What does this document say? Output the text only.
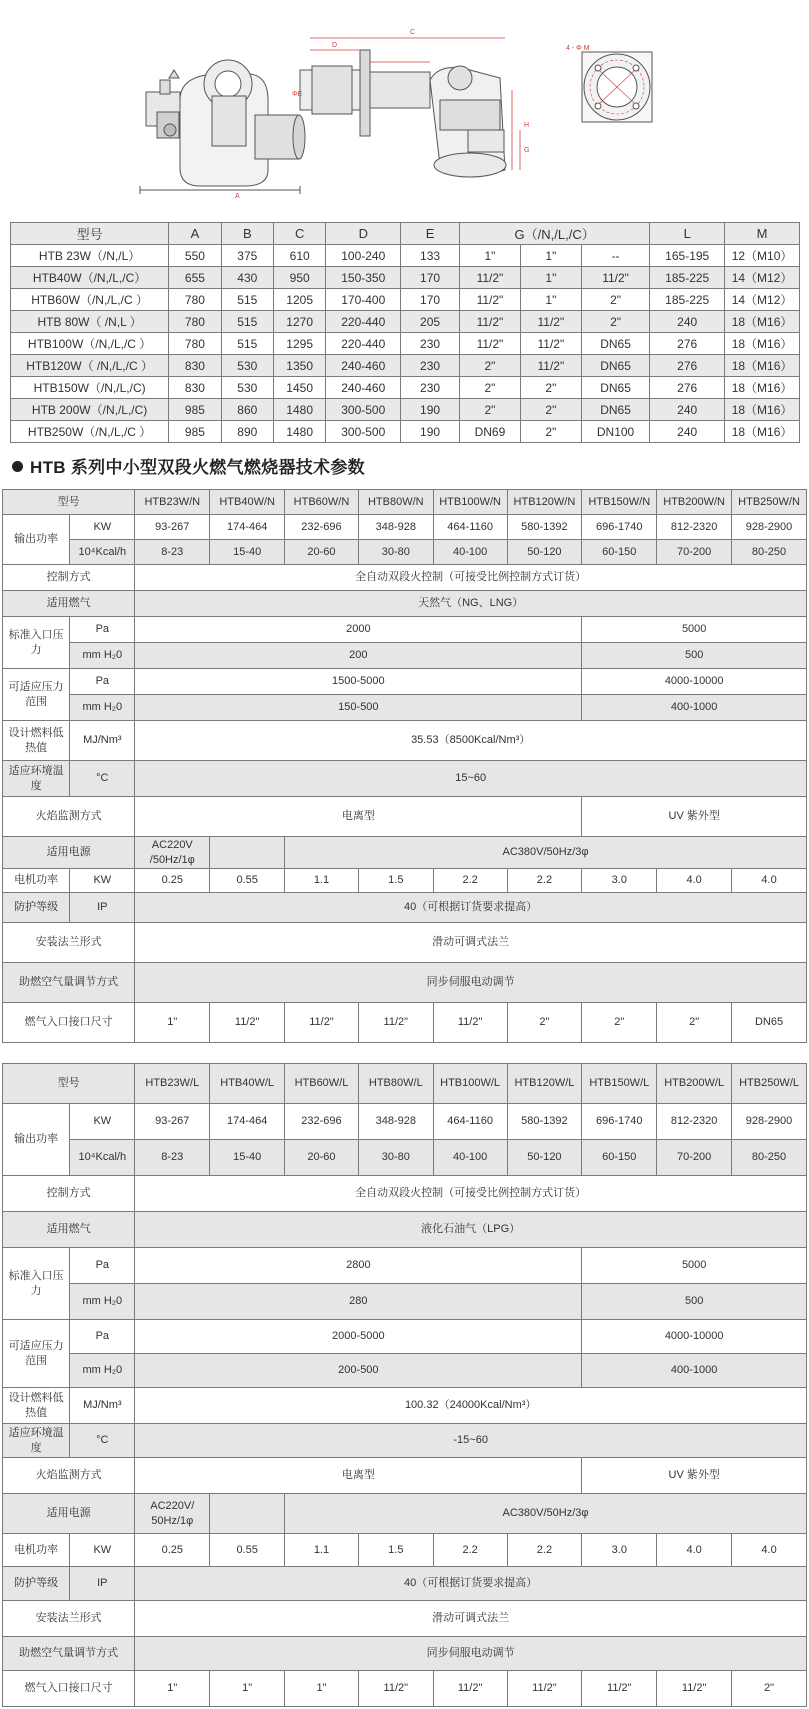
C
D
A
H
G
ΦE
4 - Φ M
型号	A	B	C	D	E	G（/N,/L,/C）			L	M
HTB 23W（/N,/L）	550	375	610	100-240	133	1"	1"	--	165-195	12（M10）
HTB40W（/N,/L,/C）	655	430	950	150-350	170	11/2"	1"	11/2"	185-225	14（M12）
HTB60W（/N,/L,/C ）	780	515	1205	170-400	170	11/2"	1"	2"	185-225	14（M12）
HTB 80W（ /N,L ）	780	515	1270	220-440	205	11/2"	11/2"	2"	240	18（M16）
HTB100W（/N,/L,/C ）	780	515	1295	220-440	230	11/2"	11/2"	DN65	276	18（M16）
HTB120W（ /N,/L,/C ）	830	530	1350	240-460	230	2"	11/2"	DN65	276	18（M16）
HTB150W（/N,/L,/C)	830	530	1450	240-460	230	2"	2"	DN65	276	18（M16）
HTB 200W（/N,/L,/C)	985	860	1480	300-500	190	2"	2"	DN65	240	18（M16）
HTB250W（/N,/L,/C ）	985	890	1480	300-500	190	DN69	2"	DN100	240	18（M16）
HTB 系列中小型双段火燃气燃烧器技术参数
型号		HTB23W/N	HTB40W/N	HTB60W/N	HTB80W/N	HTB100W/N	HTB120W/N	HTB150W/N	HTB200W/N	HTB250W/N
输出功率	KW	93-267	174-464	232-696	348-928	464-1160	580-1392	696-1740	812-2320	928-2900
	10⁴Kcal/h	8-23	15-40	20-60	30-80	40-100	50-120	60-150	70-200	80-250
控制方式		全自动双段火控制（可接受比例控制方式订货）								
适用燃气		天然气（NG、LNG）								
标准入口压力	Pa	2000						5000		
	mm H₂0	200						500		
可适应压力范围	Pa	1500-5000						4000-10000		
	mm H₂0	150-500						400-1000		
设计燃料低热值	MJ/Nm³	35.53（8500Kcal/Nm³）								
适应环境温度	°C	15~60								
火焰监测方式		电离型						UV 紫外型		
适用电源		AC220V /50Hz/1φ		AC380V/50Hz/3φ						
电机功率	KW	0.25	0.55	1.1	1.5	2.2	2.2	3.0	4.0	4.0
防护等级	IP	40（可根据订货要求提高）								
安装法兰形式		滑动可调式法兰								
助燃空气量调节方式		同步伺服电动调节								
燃气入口接口尺寸		1"	11/2"	11/2"	11/2"	11/2"	2"	2"	2"	DN65
型号		HTB23W/L	HTB40W/L	HTB60W/L	HTB80W/L	HTB100W/L	HTB120W/L	HTB150W/L	HTB200W/L	HTB250W/L
输出功率	KW	93-267	174-464	232-696	348-928	464-1160	580-1392	696-1740	812-2320	928-2900
	10⁴Kcal/h	8-23	15-40	20-60	30-80	40-100	50-120	60-150	70-200	80-250
控制方式		全自动双段火控制（可接受比例控制方式订货）								
适用燃气		液化石油气（LPG）								
标准入口压力	Pa	2800						5000		
	mm H₂0	280						500		
可适应压力范围	Pa	2000-5000						4000-10000		
	mm H₂0	200-500						400-1000		
设计燃料低热值	MJ/Nm³	100.32（24000Kcal/Nm³）								
适应环境温度	°C	-15~60								
火焰监测方式		电离型						UV 紫外型		
适用电源		AC220V/ 50Hz/1φ		AC380V/50Hz/3φ						
电机功率	KW	0.25	0.55	1.1	1.5	2.2	2.2	3.0	4.0	4.0
防护等级	IP	40（可根据订货要求提高）								
安装法兰形式		滑动可调式法兰								
助燃空气量调节方式		同步伺服电动调节								
燃气入口接口尺寸		1"	1"	1"	11/2"	11/2"	11/2"	11/2"	11/2"	2"
